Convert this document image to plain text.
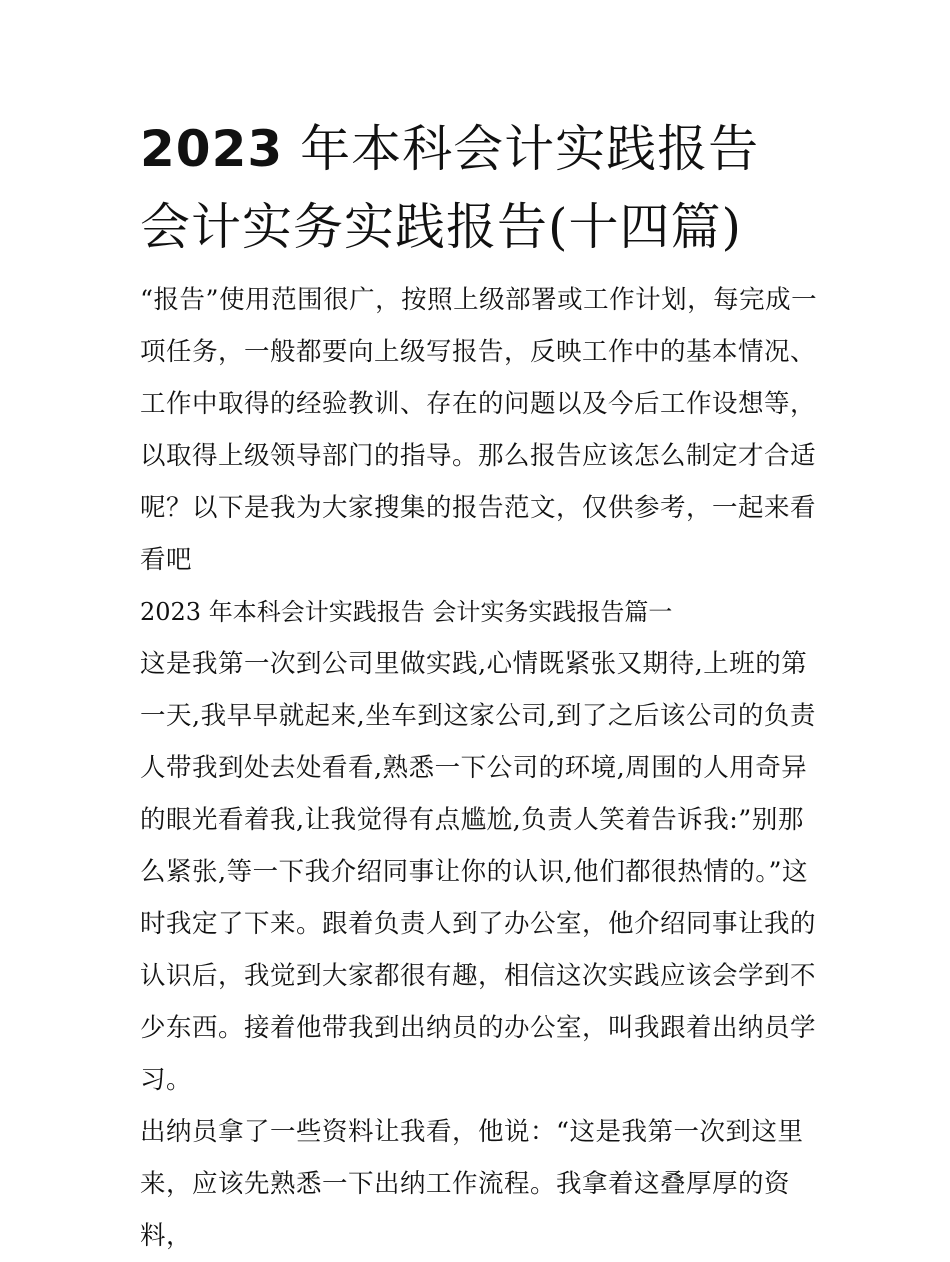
2023 年本科会计实践报告 会计实务实践报告(十四篇)

“报告”使用范围很广，按照上级部署或工作计划，每完成一项任务，一般都要向上级写报告，反映工作中的基本情况、工作中取得的经验教训、存在的问题以及今后工作设想等，以取得上级领导部门的指导。那么报告应该怎么制定才合适呢？以下是我为大家搜集的报告范文，仅供参考，一起来看看吧

2023 年本科会计实践报告 会计实务实践报告篇一

这是我第一次到公司里做实践,心情既紧张又期待,上班的第一天,我早早就起来,坐车到这家公司,到了之后该公司的负责人带我到处去处看看,熟悉一下公司的环境,周围的人用奇异的眼光看着我,让我觉得有点尴尬,负责人笑着告诉我:”别那么紧张,等一下我介绍同事让你的认识,他们都很热情的。”这时我定了下来。跟着负责人到了办公室，他介绍同事让我的认识后，我觉到大家都很有趣，相信这次实践应该会学到不少东西。接着他带我到出纳员的办公室，叫我跟着出纳员学习。

出纳员拿了一些资料让我看，他说：“这是我第一次到这里来，应该先熟悉一下出纳工作流程。我拿着这叠厚厚的资料，
